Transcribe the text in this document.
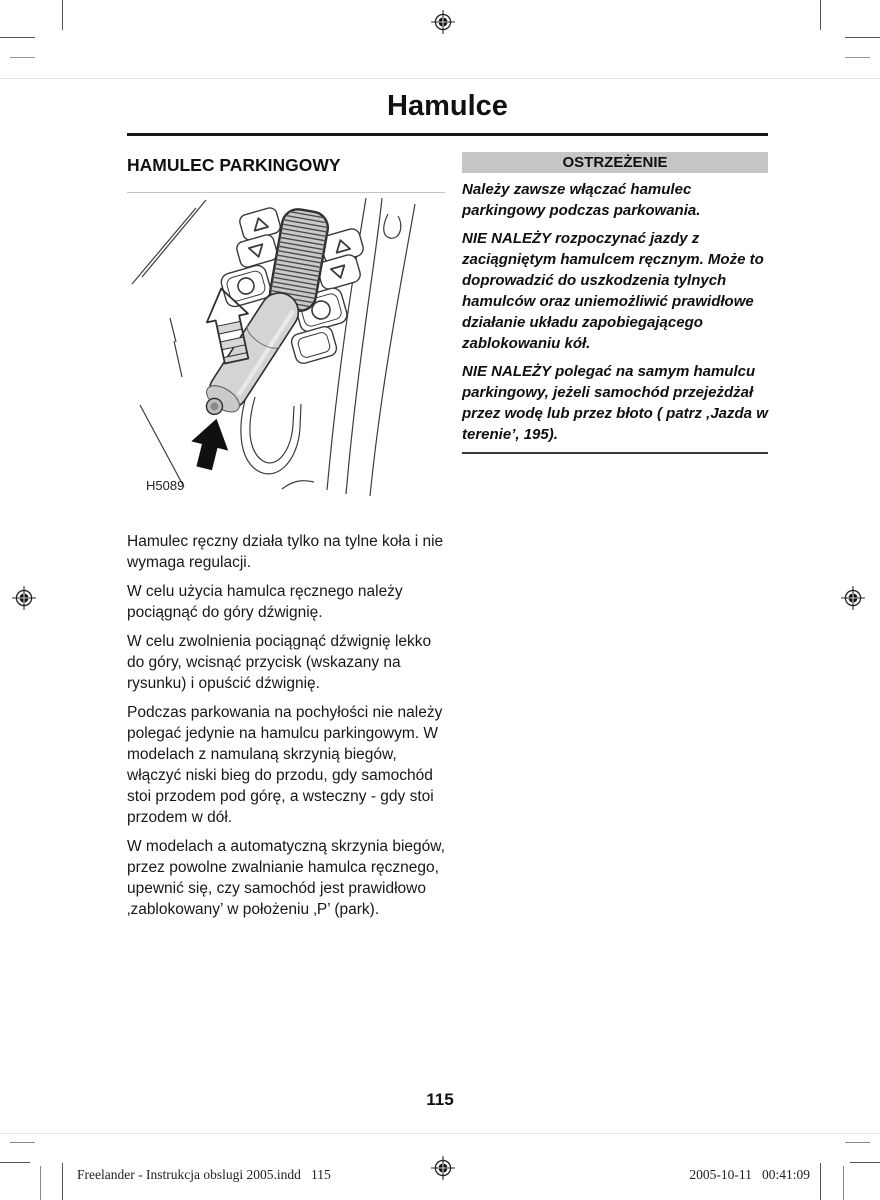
Hamulce
HAMULEC PARKINGOWY
H5089

Hamulec ręczny działa tylko na tylne koła i nie wymaga regulacji.

W celu użycia hamulca ręcznego należy pociągnąć do góry dźwignię.

W celu zwolnienia pociągnąć dźwignię lekko do góry, wcisnąć przycisk (wskazany na rysunku) i opuścić dźwignię.

Podczas parkowania na pochyłości nie należy polegać jedynie na hamulcu parkingowym. W modelach z namulaną skrzynią biegów, włączyć niski bieg do przodu, gdy samochód stoi przodem pod górę, a wsteczny - gdy stoi przodem w dół.

W modelach a automatyczną skrzynia biegów, przez powolne zwalnianie hamulca ręcznego, upewnić się, czy samochód jest prawidłowo ‚zablokowany’ w położeniu ‚P’ (park).

OSTRZEŻENIE

Należy zawsze włączać hamulec parkingowy podczas parkowania.

NIE NALEŻY rozpoczynać jazdy z zaciągniętym hamulcem ręcznym. Może to doprowadzić do uszkodzenia tylnych hamulców oraz uniemożliwić prawidłowe działanie układu zapobiegającego zablokowaniu kół.

NIE NALEŻY polegać na samym hamulcu parkingowy, jeżeli samochód przejeżdżał przez wodę lub przez błoto ( patrz ‚Jazda w terenie’, 195).

115
Freelander - Instrukcja obslugi 2005.indd   115	2005-10-11   00:41:09
